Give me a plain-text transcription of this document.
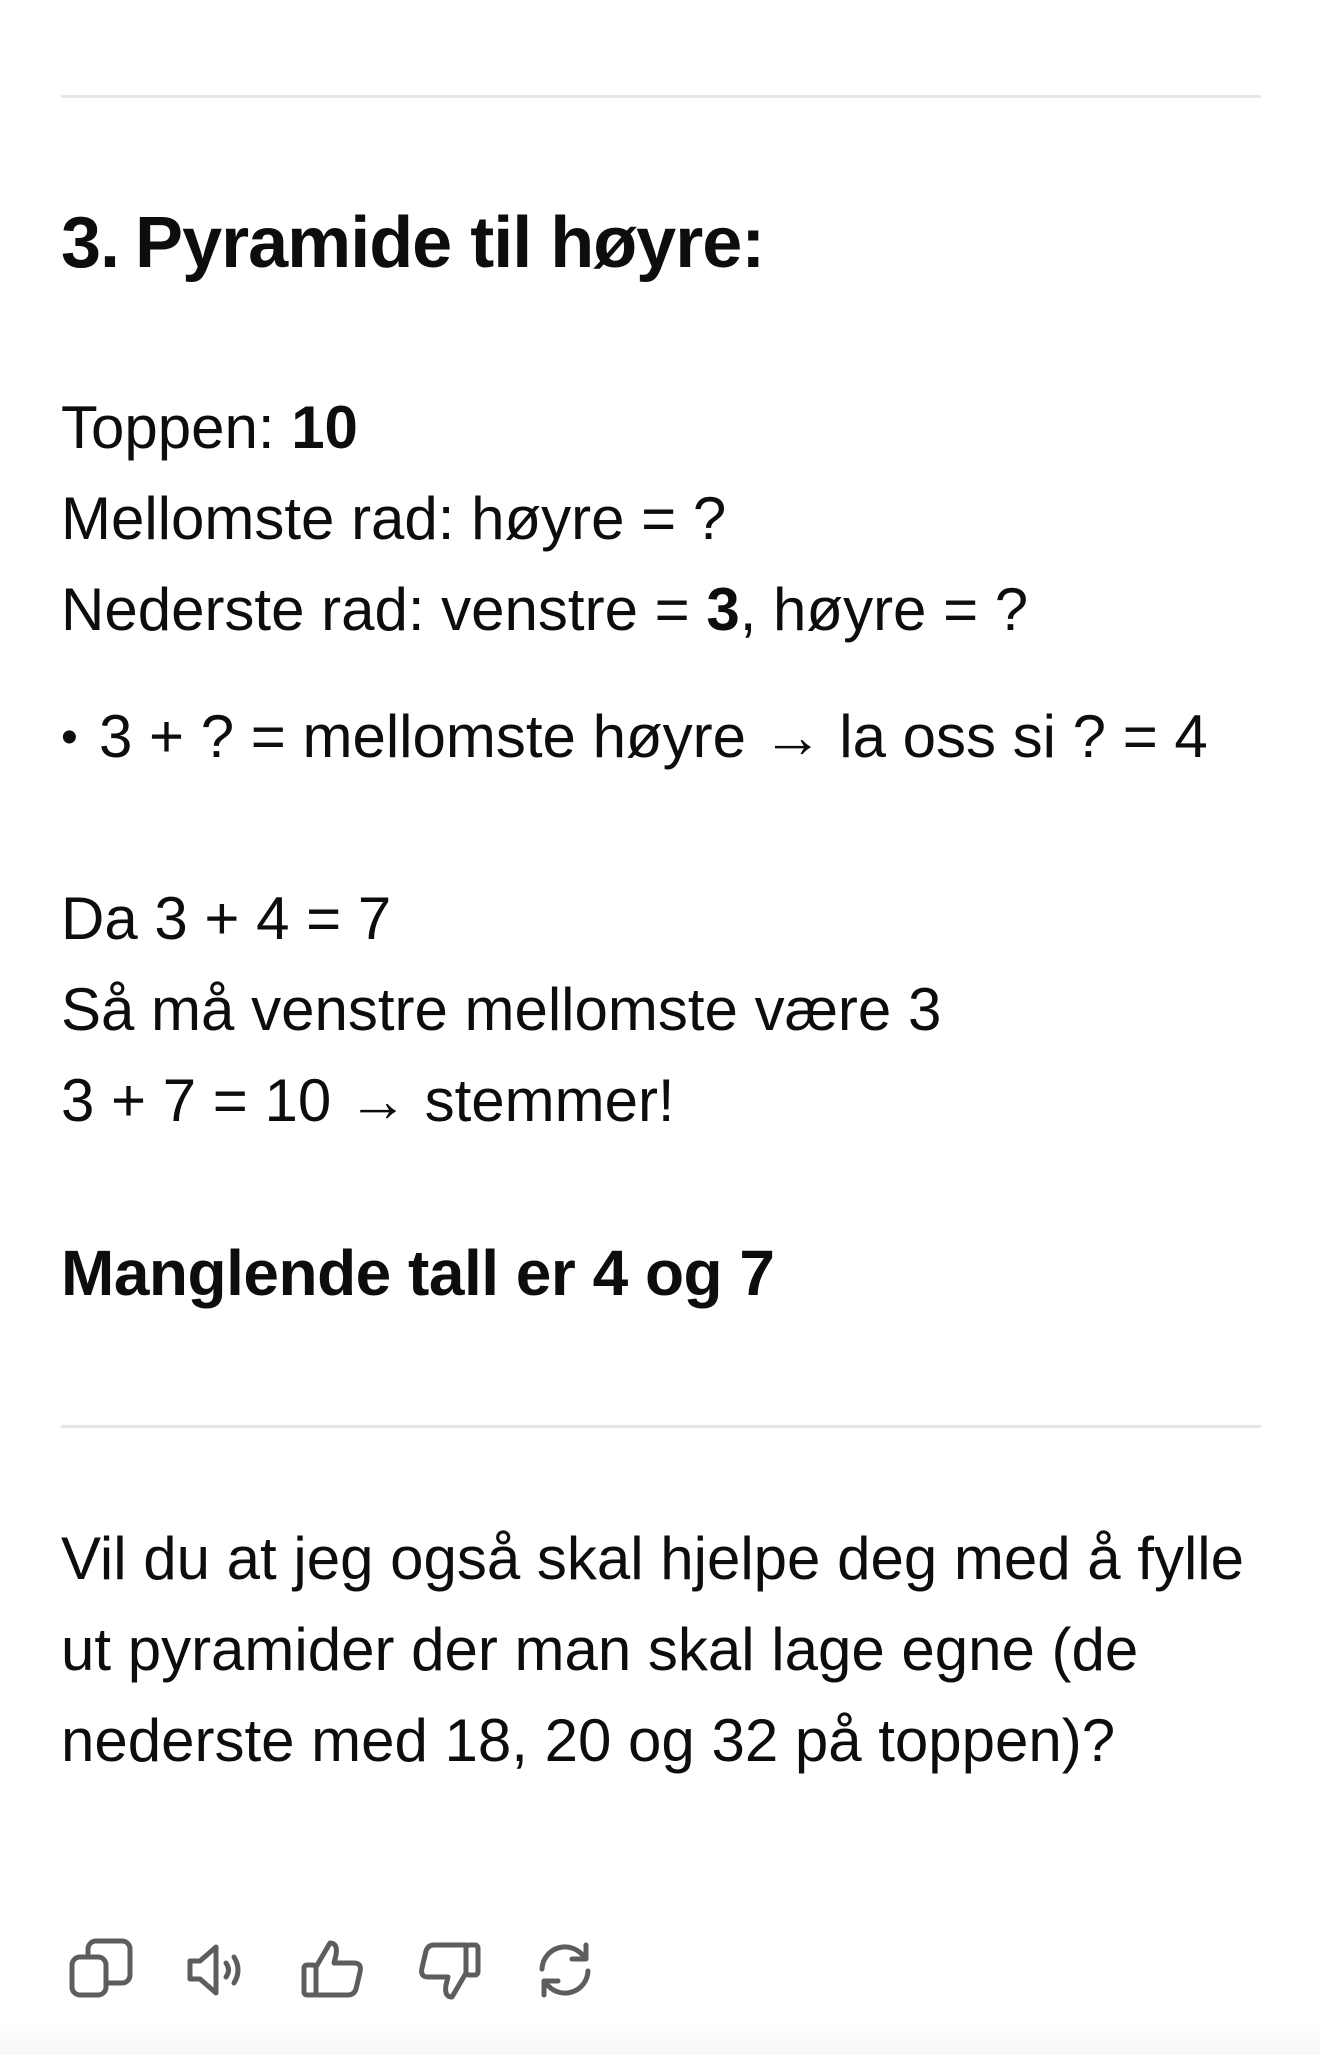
3. Pyramide til høyre:
Toppen: 10
Mellomste rad: høyre = ?
Nederste rad: venstre = 3, høyre = ?
•
3 + ? = mellomste høyre → la oss si ? = 4
Da 3 + 4 = 7
Så må venstre mellomste være 3
3 + 7 = 10 → stemmer!

Manglende tall er 4 og 7

Vil du at jeg også skal hjelpe deg med å fylle ut pyramider der man skal lage egne (de nederste med 18, 20 og 32 på toppen)?
